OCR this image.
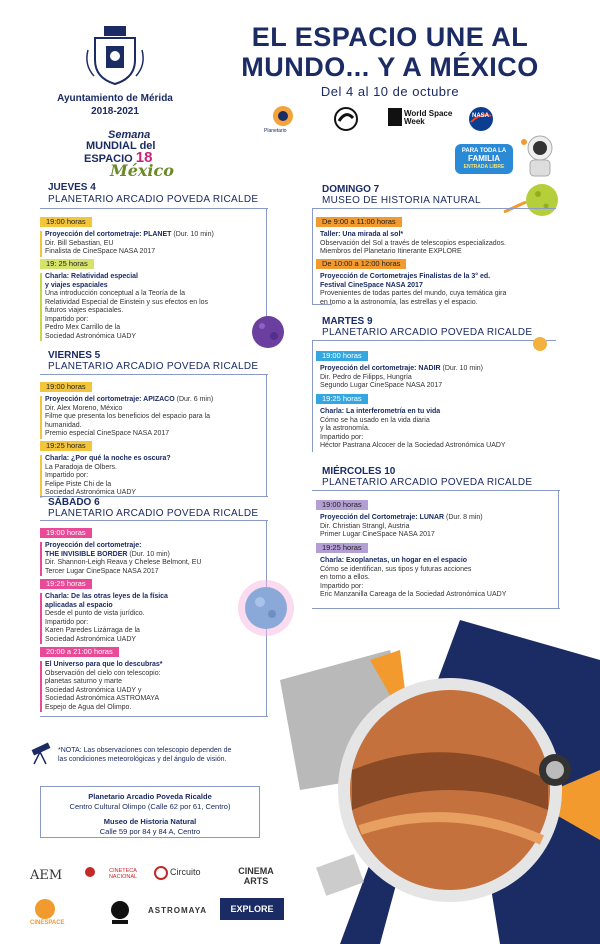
Ayuntamiento de Mérida
2018-2021
Semana
MUNDIAL del
ESPACIO 18
México
EL ESPACIO UNE AL
MUNDO... Y A MÉXICO
Del 4 al 10 de octubre
Planetario
World Space Week
NASA
PARA TODA LA
FAMILIA
ENTRADA LIBRE
JUEVES 4
PLANETARIO ARCADIO POVEDA RICALDE
19:00 horas
Proyección del cortometraje: PLANET (Dur. 10 min)
Dir. Bill Sebastian, EU
Finalista de CineSpace NASA 2017
19: 25 horas
Charla: Relatividad especial
y viajes espaciales
Una introducción conceptual a la Teoría de la
Relatividad Especial de Einstein y sus efectos en los
futuros viajes espaciales.
Impartido por:
Pedro Mex Carrillo de la
Sociedad Astronómica UADY
VIERNES 5
PLANETARIO ARCADIO POVEDA RICALDE
19:00 horas
Proyección del cortometraje: APIZACO (Dur. 6 min)
Dir. Alex Moreno, México
Filme que presenta los beneficios del espacio para la
humanidad.
Premio especial CineSpace NASA 2017
19:25 horas
Charla: ¿Por qué la noche es oscura?
La Paradoja de Olbers.
Impartido por:
Felipe Piste Chi de la
Sociedad Astronómica UADY
SÁBADO 6
PLANETARIO ARCADIO POVEDA RICALDE
19:00 horas
Proyección del cortometraje:
THE INVISIBLE BORDER (Dur. 10 min)
Dir. Shannon-Leigh Reava y Chelese Belmont, EU
Tercer Lugar CineSpace NASA 2017
19:25 horas
Charla: De las otras leyes de la física
aplicadas al espacio
Desde el punto de vista jurídico.
Impartido por:
Karen Paredes Lizárraga de la
Sociedad Astronómica UADY
20:00 a 21:00 horas
El Universo para que lo descubras*
Observación del cielo con telescopio:
planetas saturno y marte
Sociedad Astronómica UADY y
Sociedad Astronómica ASTROMAYA
Espejo de Agua del Olimpo.
DOMINGO 7
MUSEO DE HISTORIA NATURAL
De 9:00 a 11:00 horas
Taller: Una mirada al sol*
Observación del Sol a través de telescopios especializados.
Miembros del Planetario Itinerante EXPLORE
De 10:00 a 12:00 horas
Proyección de Cortometrajes Finalistas de la 3° ed.
Festival CineSpace NASA 2017
Provenientes de todas partes del mundo, cuya temática gira
en torno a la astronomía, las estrellas y el espacio.
MARTES 9
PLANETARIO ARCADIO POVEDA RICALDE
19:00 horas
Proyección del cortometraje: NADIR (Dur. 10 min)
Dir. Pedro de Filipps, Hungría
Segundo Lugar CineSpace NASA 2017
19:25 horas
Charla: La interferometría en tu vida
Cómo se ha usado en la vida diaria
y la astronomía.
Impartido por:
Héctor Pastrana Alcocer de la Sociedad Astronómica UADY
MIÉRCOLES 10
PLANETARIO ARCADIO POVEDA RICALDE
19:00 horas
Proyección del Cortometraje: LUNAR (Dur. 8 min)
Dir. Christian Strangl, Austria
Primer Lugar CineSpace NASA 2017
19:25 horas
Charla: Exoplanetas, un hogar en el espacio
Cómo se identifican, sus tipos y futuras acciones
en torno a ellos.
Impartido por:
Eric Manzanilla Careaga de la Sociedad Astronómica UADY
*NOTA: Las observaciones con telescopio dependen de
las condiciones meteorológicas y del ángulo de visión.
Planetario Arcadio Poveda Ricalde
Centro Cultural Olimpo (Calle 62 por 61, Centro)
Museo de Historia Natural
Calle 59 por 84 y 84 A, Centro
AEM	CINETECA NACIONAL	Circuito	CINEMA ARTS
CINESPACE
ASTROMAYA	EXPLORE
